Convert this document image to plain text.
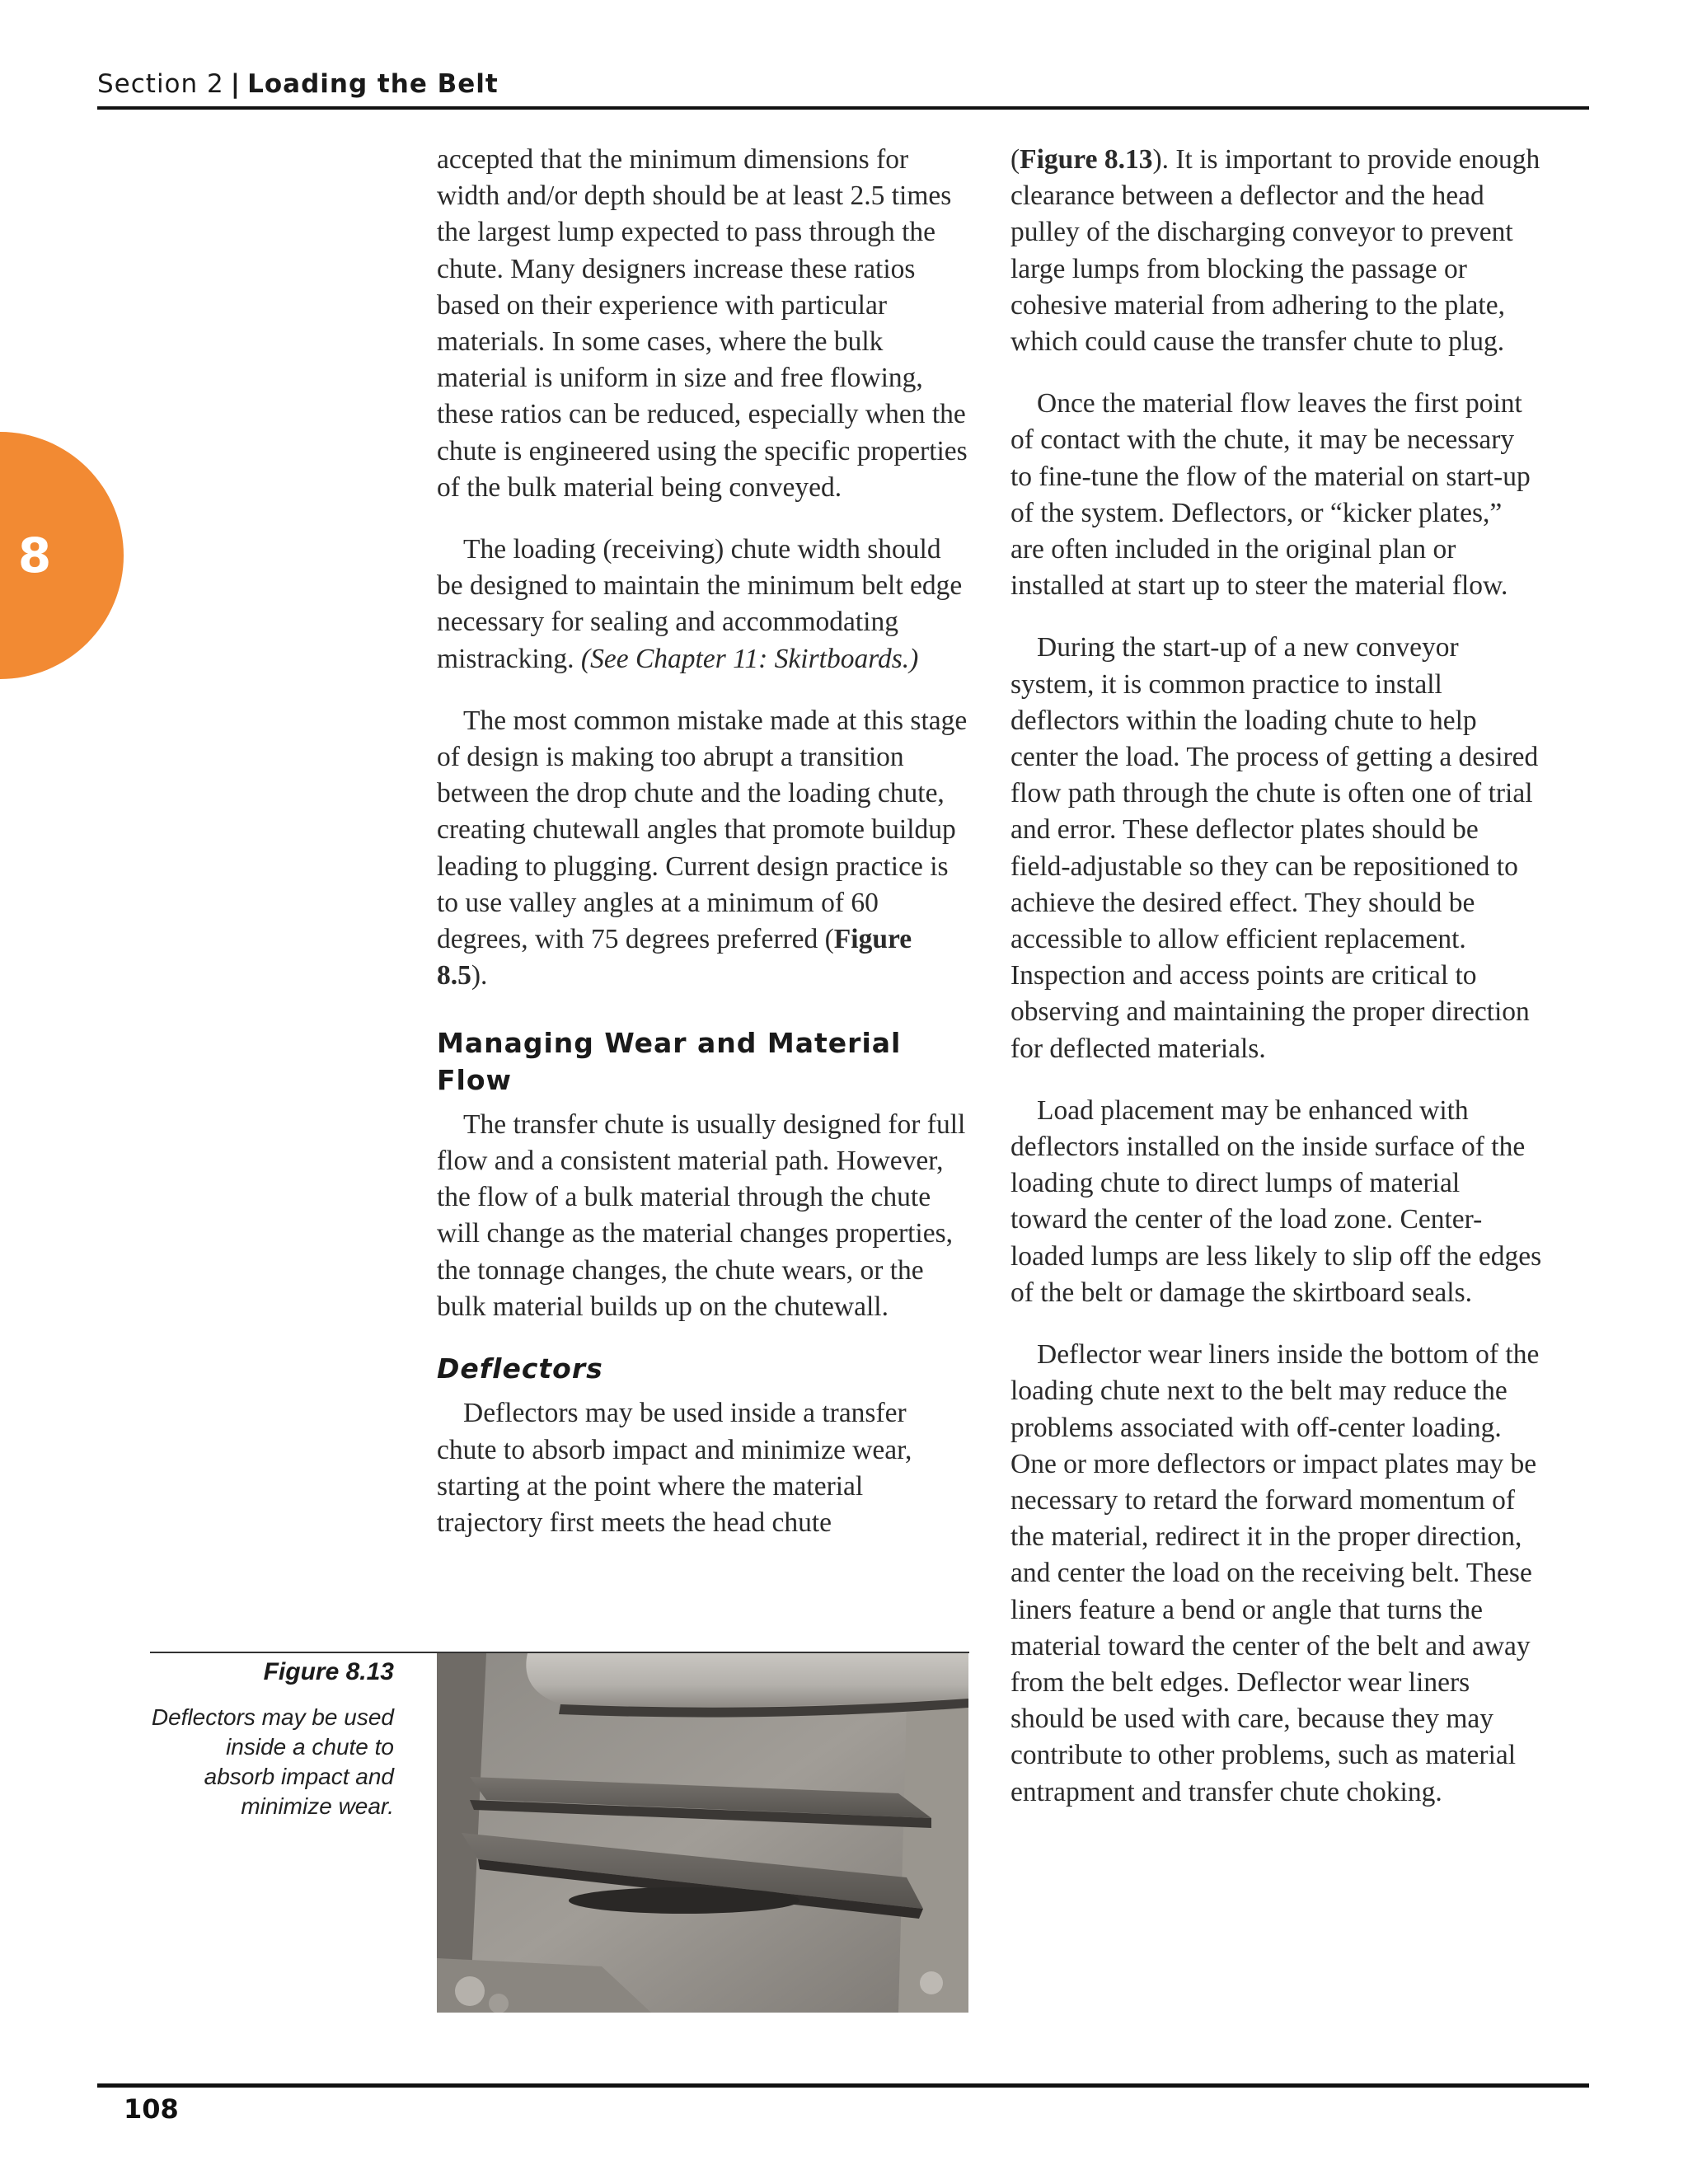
Section 2 | Loading the Belt
8

accepted that the minimum dimensions for width and/or depth should be at least 2.5 times the largest lump expected to pass through the chute. Many designers increase these ratios based on their experience with particular materials. In some cases, where the bulk material is uniform in size and free flowing, these ratios can be reduced, especially when the chute is engineered using the specific properties of the bulk material being conveyed.

The loading (receiving) chute width should be designed to maintain the minimum belt edge necessary for sealing and accommodating mistracking. (See Chapter 11: Skirtboards.)

The most common mistake made at this stage of design is making too abrupt a transition between the drop chute and the loading chute, creating chutewall angles that promote buildup leading to plugging. Current design practice is to use valley angles at a minimum of 60 degrees, with 75 degrees preferred (Figure 8.5).

Managing Wear and Material Flow

The transfer chute is usually designed for full flow and a consistent material path. However, the flow of a bulk material through the chute will change as the material changes properties, the tonnage changes, the chute wears, or the bulk material builds up on the chutewall.

Deflectors

Deflectors may be used inside a transfer chute to absorb impact and minimize wear, starting at the point where the material trajectory first meets the head chute

(Figure 8.13). It is important to provide enough clearance between a deflector and the head pulley of the discharging conveyor to prevent large lumps from blocking the passage or cohesive material from adhering to the plate, which could cause the transfer chute to plug.

Once the material flow leaves the first point of contact with the chute, it may be necessary to fine-tune the flow of the material on start-up of the system. Deflectors, or “kicker plates,” are often included in the original plan or installed at start up to steer the material flow.

During the start-up of a new conveyor system, it is common practice to install deflectors within the loading chute to help center the load. The process of getting a desired flow path through the chute is often one of trial and error. These deflector plates should be field-adjustable so they can be repositioned to achieve the desired effect. They should be accessible to allow efficient replacement. Inspection and access points are critical to observing and maintaining the proper direction for deflected materials.

Load placement may be enhanced with deflectors installed on the inside surface of the loading chute to direct lumps of material toward the center of the load zone. Center-loaded lumps are less likely to slip off the edges of the belt or damage the skirtboard seals.

Deflector wear liners inside the bottom of the loading chute next to the belt may reduce the problems associated with off-center loading. One or more deflectors or impact plates may be necessary to retard the forward momentum of the material, redirect it in the proper direction, and center the load on the receiving belt. These liners feature a bend or angle that turns the material toward the center of the belt and away from the belt edges. Deflector wear liners should be used with care, because they may contribute to other problems, such as material entrapment and transfer chute choking.

Figure 8.13
Deflectors may be used inside a chute to absorb impact and minimize wear.
108
